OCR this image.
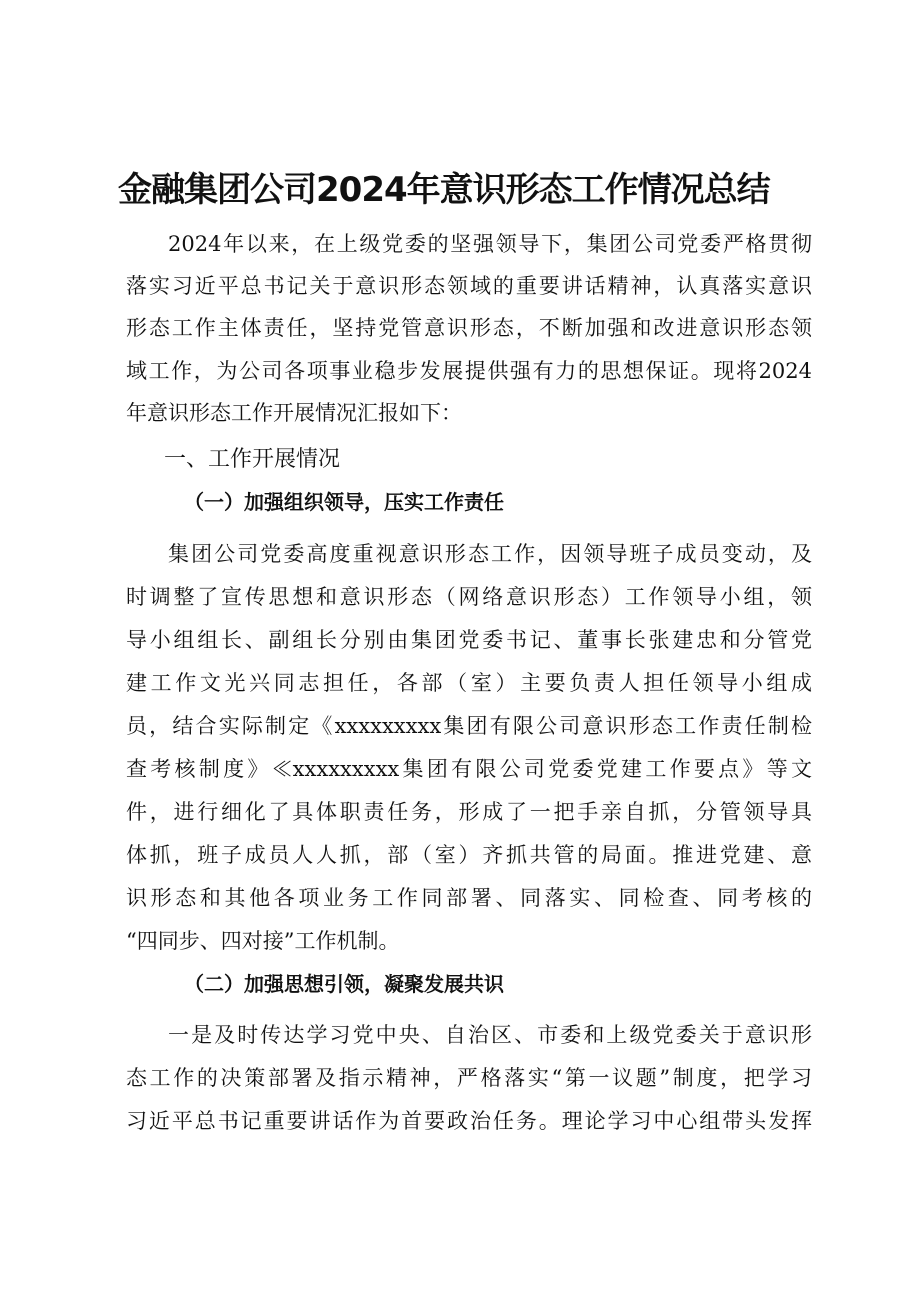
金融集团公司2024年意识形态工作情况总结

2024年以来，在上级党委的坚强领导下，集团公司党委严格贯彻

落实习近平总书记关于意识形态领域的重要讲话精神，认真落实意识

形态工作主体责任，坚持党管意识形态，不断加强和改进意识形态领

域工作，为公司各项事业稳步发展提供强有力的思想保证。现将2024

年意识形态工作开展情况汇报如下：

一、工作开展情况

（一）加强组织领导，压实工作责任

集团公司党委高度重视意识形态工作，因领导班子成员变动，及

时调整了宣传思想和意识形态（网络意识形态）工作领导小组，领

导小组组长、副组长分别由集团党委书记、董事长张建忠和分管党

建工作文光兴同志担任，各部（室）主要负责人担任领导小组成

员，结合实际制定《xxxxxxxxx集团有限公司意识形态工作责任制检

查考核制度》≪xxxxxxxxx集团有限公司党委党建工作要点》等文

件，进行细化了具体职责任务，形成了一把手亲自抓，分管领导具

体抓，班子成员人人抓，部（室）齐抓共管的局面。推进党建、意

识形态和其他各项业务工作同部署、同落实、同检查、同考核的

“四同步、四对接”工作机制。

（二）加强思想引领，凝聚发展共识

一是及时传达学习党中央、自治区、市委和上级党委关于意识形

态工作的决策部署及指示精神，严格落实“第一议题”制度，把学习

习近平总书记重要讲话作为首要政治任务。理论学习中心组带头发挥
